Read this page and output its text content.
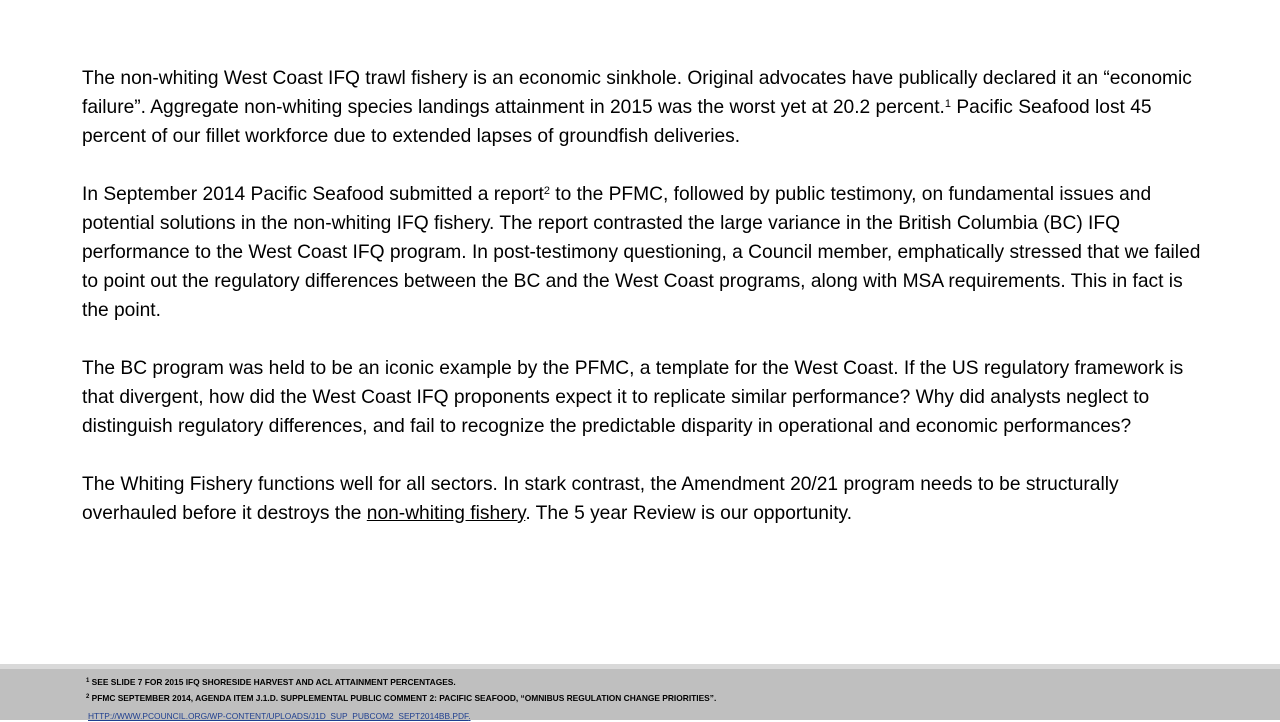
The non-whiting West Coast IFQ trawl fishery is an economic sinkhole. Original advocates have publically declared it an “economic failure”. Aggregate non-whiting species landings attainment in 2015 was the worst yet at 20.2 percent.$^1$ Pacific Seafood lost 45 percent of our fillet workforce due to extended lapses of groundfish deliveries.

In September 2014 Pacific Seafood submitted a report$^2$ to the PFMC, followed by public testimony, on fundamental issues and potential solutions in the non-whiting IFQ fishery. The report contrasted the large variance in the British Columbia (BC) IFQ performance to the West Coast IFQ program. In post-testimony questioning, a Council member, emphatically stressed that we failed to point out the regulatory differences between the BC and the West Coast programs, along with MSA requirements. This in fact is the point.

The BC program was held to be an iconic example by the PFMC, a template for the West Coast. If the US regulatory framework is that divergent, how did the West Coast IFQ proponents expect it to replicate similar performance? Why did analysts neglect to distinguish regulatory differences, and fail to recognize the predictable disparity in operational and economic performances?

The Whiting Fishery functions well for all sectors. In stark contrast, the Amendment 20/21 program needs to be structurally overhauled before it destroys the non-whiting fishery. The 5 year Review is our opportunity.

$^1$ SEE SLIDE 7 FOR 2015 IFQ SHORESIDE HARVEST AND ACL ATTAINMENT PERCENTAGES.
$^2$ PFMC SEPTEMBER 2014, AGENDA ITEM J.1.D. SUPPLEMENTAL PUBLIC COMMENT 2: PACIFIC SEAFOOD, “OMNIBUS REGULATION CHANGE PRIORITIES”.
HTTP://WWW.PCOUNCIL.ORG/WP-CONTENT/UPLOADS/J1D_SUP_PUBCOM2_SEPT2014BB.PDF.
